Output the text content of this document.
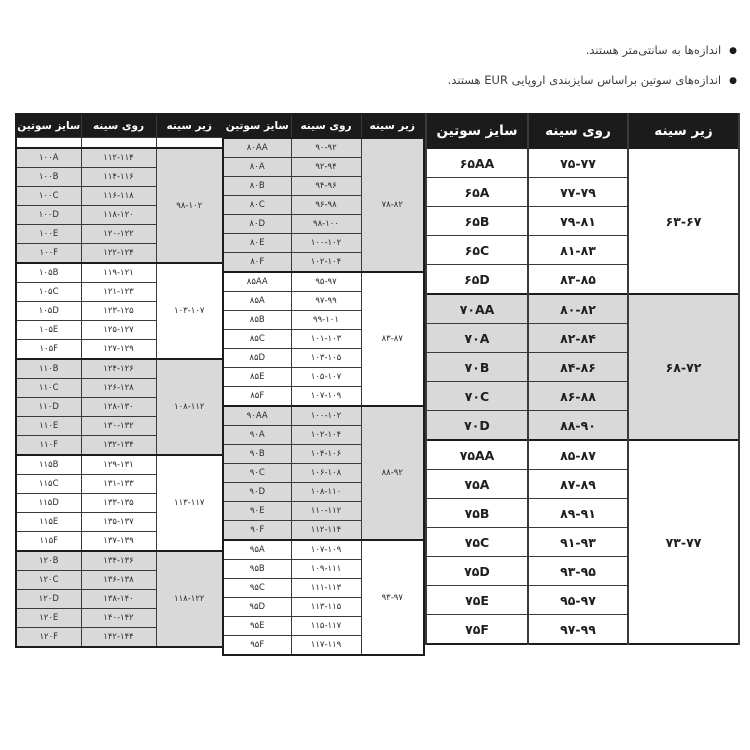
●اندازه‌ها به سانتی‌متر هستند.
●اندازه‌های سوتین براساس سایزبندی اروپایی EUR هستند.
سایز سوتین	روی سینه	زیر سینه

۱۰۰A	۱۱۲-۱۱۴	۹۸-۱۰۲
۱۰۰B	۱۱۴-۱۱۶	
۱۰۰C	۱۱۶-۱۱۸	
۱۰۰D	۱۱۸-۱۲۰	
۱۰۰E	۱۲۰-۱۲۲	
۱۰۰F	۱۲۲-۱۲۴	
۱۰۵B	۱۱۹-۱۲۱	۱۰۳-۱۰۷
۱۰۵C	۱۲۱-۱۲۳	
۱۰۵D	۱۲۳-۱۲۵	
۱۰۵E	۱۲۵-۱۲۷	
۱۰۵F	۱۲۷-۱۲۹	
۱۱۰B	۱۲۴-۱۲۶	۱۰۸-۱۱۲
۱۱۰C	۱۲۶-۱۲۸	
۱۱۰D	۱۲۸-۱۳۰	
۱۱۰E	۱۳۰-۱۳۲	
۱۱۰F	۱۳۲-۱۳۴	
۱۱۵B	۱۲۹-۱۳۱	۱۱۳-۱۱۷
۱۱۵C	۱۳۱-۱۳۳	
۱۱۵D	۱۳۳-۱۳۵	
۱۱۵E	۱۳۵-۱۳۷	
۱۱۵F	۱۳۷-۱۳۹	
۱۲۰B	۱۳۴-۱۳۶	۱۱۸-۱۲۲
۱۲۰C	۱۳۶-۱۳۸	
۱۲۰D	۱۳۸-۱۴۰	
۱۲۰E	۱۴۰-۱۴۲	
۱۲۰F	۱۴۲-۱۴۴	
سایز سوتین	روی سینه	زیر سینه
۸۰AA	۹۰-۹۲	۷۸-۸۲
۸۰A	۹۲-۹۴	
۸۰B	۹۴-۹۶	
۸۰C	۹۶-۹۸	
۸۰D	۹۸-۱۰۰	
۸۰E	۱۰۰-۱۰۲	
۸۰F	۱۰۲-۱۰۴	
۸۵AA	۹۵-۹۷	۸۳-۸۷
۸۵A	۹۷-۹۹	
۸۵B	۹۹-۱۰۱	
۸۵C	۱۰۱-۱۰۳	
۸۵D	۱۰۳-۱۰۵	
۸۵E	۱۰۵-۱۰۷	
۸۵F	۱۰۷-۱۰۹	
۹۰AA	۱۰۰-۱۰۲	۸۸-۹۲
۹۰A	۱۰۲-۱۰۴	
۹۰B	۱۰۴-۱۰۶	
۹۰C	۱۰۶-۱۰۸	
۹۰D	۱۰۸-۱۱۰	
۹۰E	۱۱۰-۱۱۲	
۹۰F	۱۱۲-۱۱۴	
۹۵A	۱۰۷-۱۰۹	۹۳-۹۷
۹۵B	۱۰۹-۱۱۱	
۹۵C	۱۱۱-۱۱۳	
۹۵D	۱۱۳-۱۱۵	
۹۵E	۱۱۵-۱۱۷	
۹۵F	۱۱۷-۱۱۹	
سایز سوتین	روی سینه	زیر سینه
۶۵AA	۷۵-۷۷	۶۳-۶۷
۶۵A	۷۷-۷۹	
۶۵B	۷۹-۸۱	
۶۵C	۸۱-۸۳	
۶۵D	۸۳-۸۵	
۷۰AA	۸۰-۸۲	۶۸-۷۲
۷۰A	۸۲-۸۴	
۷۰B	۸۴-۸۶	
۷۰C	۸۶-۸۸	
۷۰D	۸۸-۹۰	
۷۵AA	۸۵-۸۷	۷۳-۷۷
۷۵A	۸۷-۸۹	
۷۵B	۸۹-۹۱	
۷۵C	۹۱-۹۳	
۷۵D	۹۳-۹۵	
۷۵E	۹۵-۹۷	
۷۵F	۹۷-۹۹	
